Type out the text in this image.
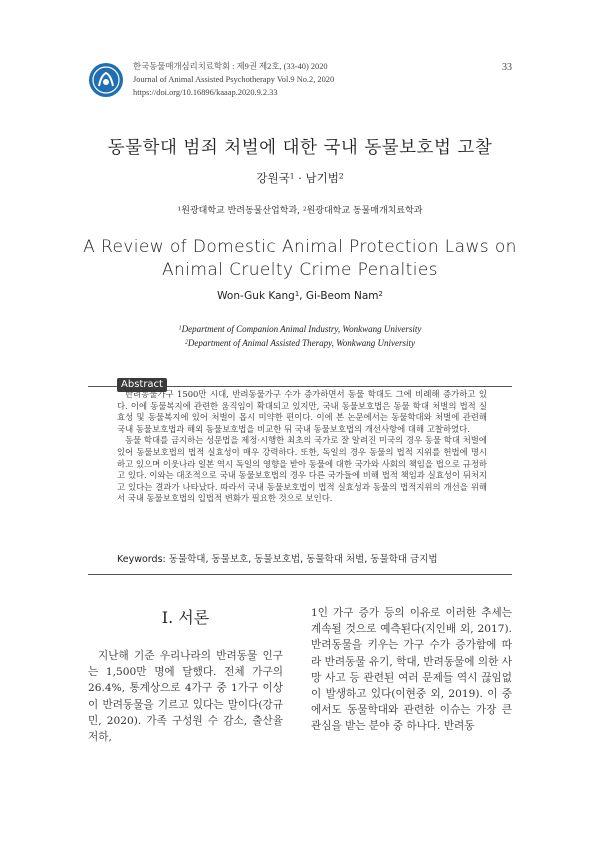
한국동물매개심리치료학회 : 제9권 제2호, (33-40) 2020
Journal of Animal Assisted Psychotherapy Vol.9 No.2, 2020
https://doi.org/10.16896/kaaap.2020.9.2.33
33
동물학대 범죄 처벌에 대한 국내 동물보호법 고찰
강원국$^1$ · 남기범$^2$
$^1$원광대학교 반려동물산업학과, $^2$원광대학교 동물매개치료학과
A Review of Domestic Animal Protection Laws on
Animal Cruelty Crime Penalties
Won-Guk Kang$^1$, Gi-Beom Nam$^2$
$^1$Department of Companion Animal Industry, Wonkwang University
$^2$Department of Animal Assisted Therapy, Wonkwang University
Abstract

반려동물가구 1500만 시대, 반려동물가구 수가 증가하면서 동물 학대도 그에 비례해 증가하고 있다. 이에 동물복지에 관련한 움직임이 확대되고 있지만, 국내 동물보호법은 동물 학대 처벌의 법적 실효성 및 동물복지에 있어 처벌이 몹시 미약한 편이다. 이에 본 논문에서는 동물학대와 처벌에 관련해 국내 동물보호법과 해외 동물보호법을 비교한 뒤 국내 동물보호법의 개선사항에 대해 고찰하였다.

동물 학대를 금지하는 성문법을 제정·시행한 최초의 국가로 잘 알려진 미국의 경우 동물 학대 처벌에 있어 동물보호법의 법적 실효성이 매우 강력하다. 또한, 독일의 경우 동물의 법적 지위를 헌법에 명시하고 있으며 이웃나라 일본 역시 독일의 영향을 받아 동물에 대한 국가와 사회의 책임을 법으로 규정하고 있다. 이와는 대조적으로 국내 동물보호법의 경우 다른 국가들에 비해 법적 책임과 실효성이 뒤처지고 있다는 결과가 나타났다. 따라서 국내 동물보호법이 법적 실효성과 동물의 법적지위의 개선을 위해서 국내 동물보호법의 입법적 변화가 필요한 것으로 보인다.

Keywords: 동물학대, 동물보호, 동물보호법, 동물학대 처벌, 동물학대 금지법
Ⅰ. 서론

지난해 기준 우리나라의 반려동물 인구는 1,500만 명에 달했다. 전체 가구의 26.4%, 통계상으로 4가구 중 1가구 이상이 반려동물을 기르고 있다는 말이다(강규민, 2020). 가족 구성원 수 감소, 출산율 저하,

1인 가구 증가 등의 이유로 이러한 추세는 계속될 것으로 예측된다(지인배 외, 2017). 반려동물을 키우는 가구 수가 증가함에 따라 반려동물 유기, 학대, 반려동물에 의한 사망 사고 등 관련된 여러 문제들 역시 끊임없이 발생하고 있다(이현중 외, 2019). 이 중에서도 동물학대와 관련한 이슈는 가장 큰 관심을 받는 분야 중 하나다. 반려동
